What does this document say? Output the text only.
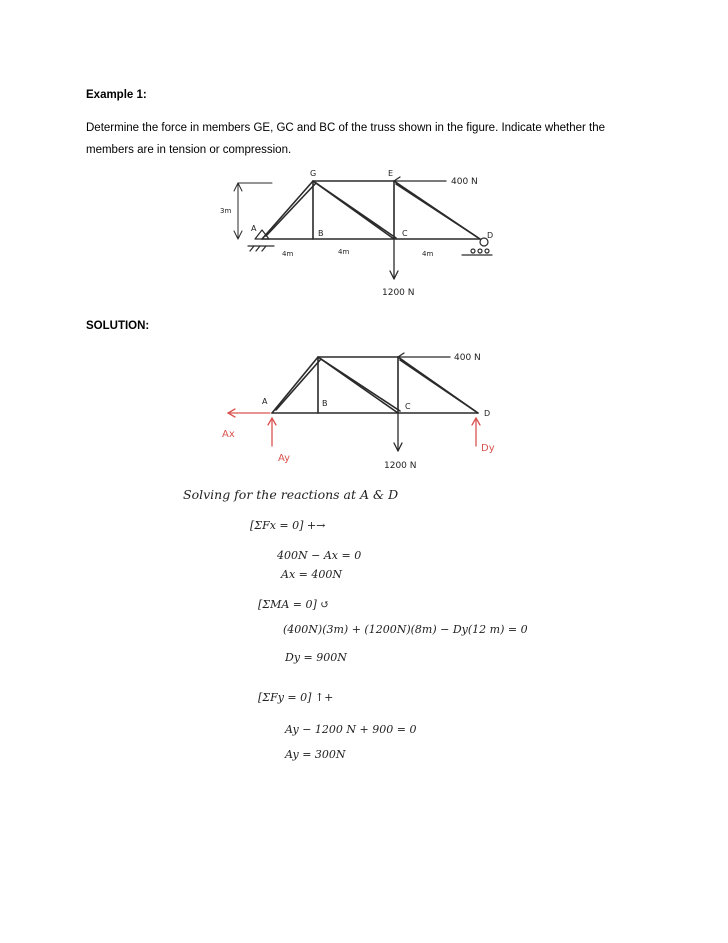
Example 1:
Determine the force in members GE, GC and BC of the truss shown in the figure. Indicate whether the
members are in tension or compression.
G	E
A
B	C	D
400 N
1200 N
3m
4m	4m	4m
SOLUTION:
A	B	C
D
400 N
1200 N
Ax
Ay
Dy
Solving for the reactions at A & D
[ΣFx = 0] +→
400N − Ax = 0
Ax = 400N
[ΣMA = 0] ↺
(400N)(3m) + (1200N)(8m) − Dy(12 m) = 0
Dy = 900N
[ΣFy = 0] ↑+
Ay − 1200 N + 900 = 0
Ay = 300N
